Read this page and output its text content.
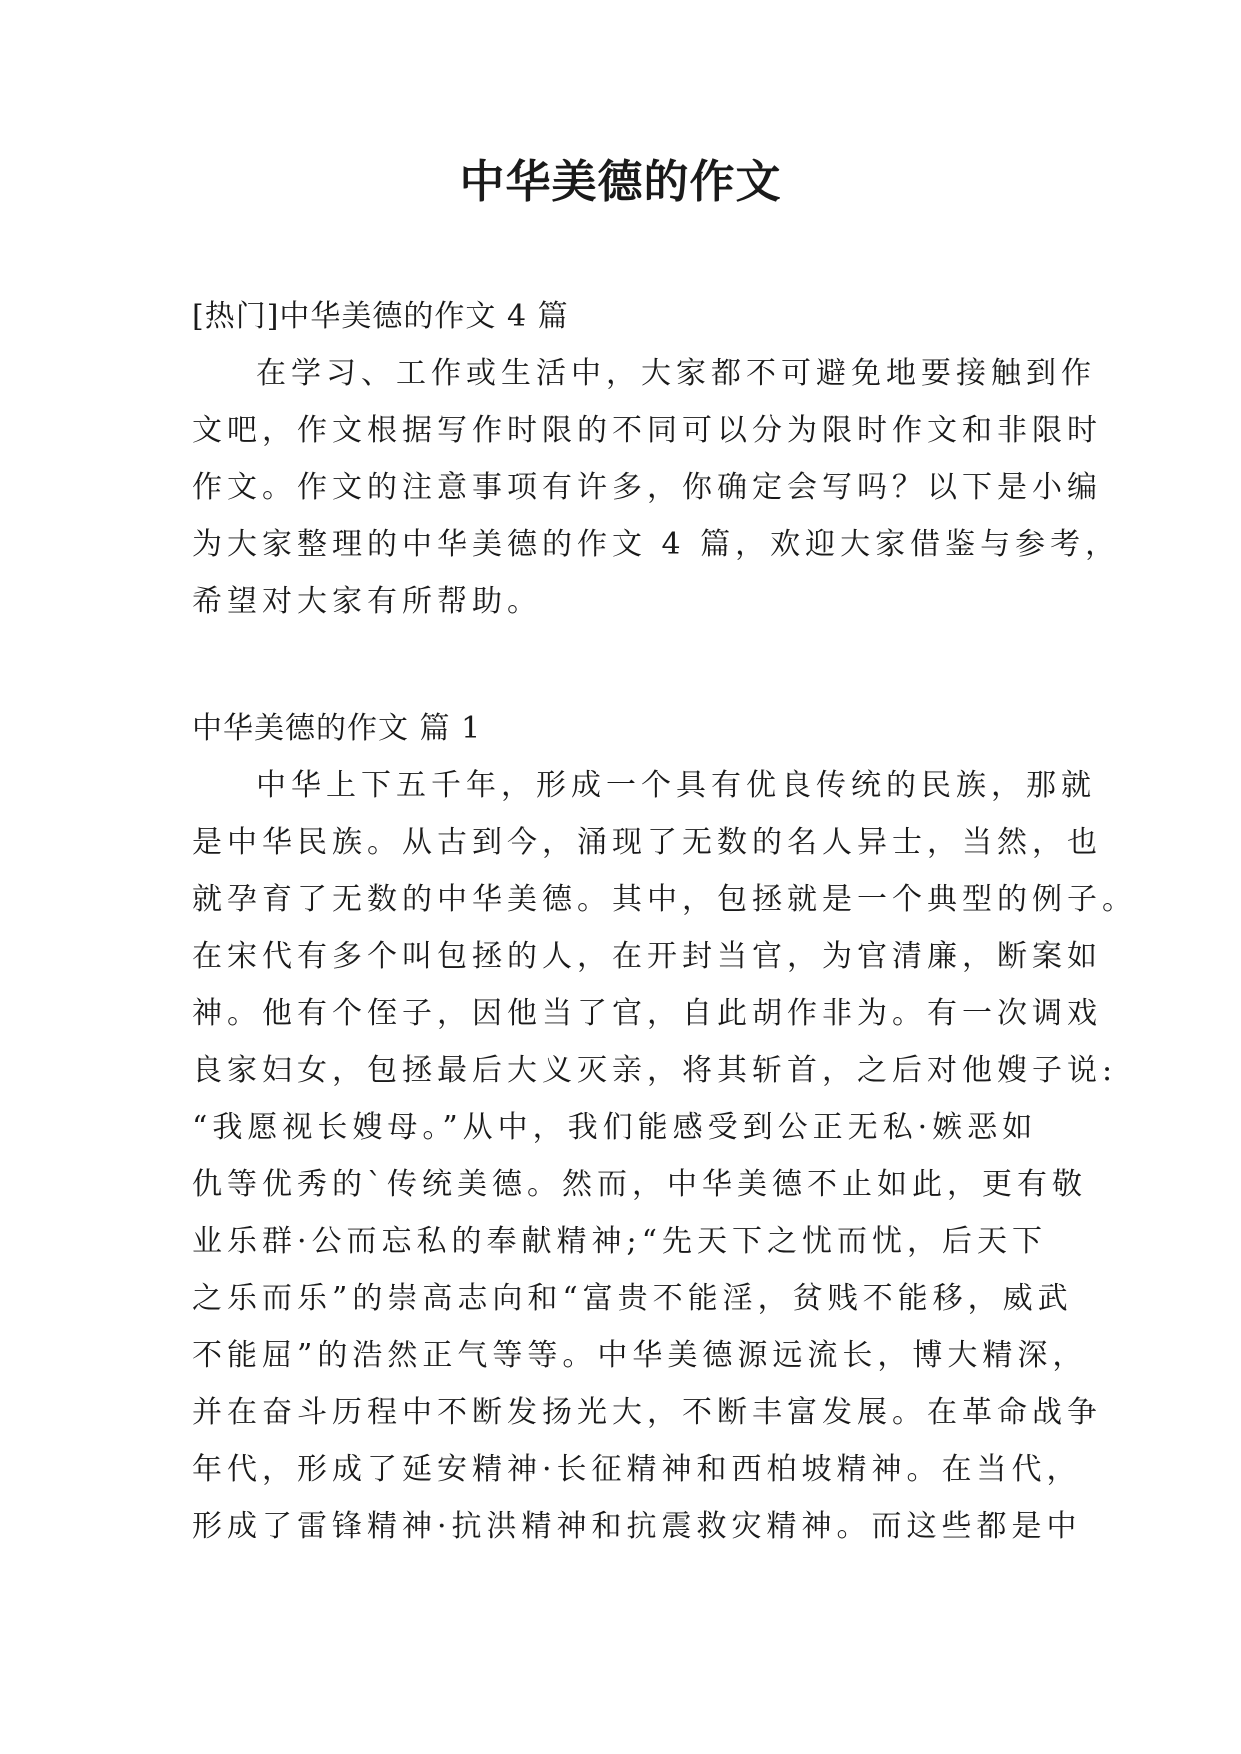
中华美德的作文

[热门]中华美德的作文 4 篇

在学习、工作或生活中，大家都不可避免地要接触到作
文吧，作文根据写作时限的不同可以分为限时作文和非限时
作文。作文的注意事项有许多，你确定会写吗？以下是小编
为大家整理的中华美德的作文 4 篇，欢迎大家借鉴与参考，
希望对大家有所帮助。

中华美德的作文 篇 1

中华上下五千年，形成一个具有优良传统的民族，那就
是中华民族。从古到今，涌现了无数的名人异士，当然，也
就孕育了无数的中华美德。其中，包拯就是一个典型的例子。
在宋代有多个叫包拯的人，在开封当官，为官清廉，断案如
神。他有个侄子，因他当了官，自此胡作非为。有一次调戏
良家妇女，包拯最后大义灭亲，将其斩首，之后对他嫂子说:
“我愿视长嫂母。”从中，我们能感受到公正无私·嫉恶如
仇等优秀的`传统美德。然而，中华美德不止如此，更有敬
业乐群·公而忘私的奉献精神;“先天下之忧而忧，后天下
之乐而乐”的崇高志向和“富贵不能淫，贫贱不能移，威武
不能屈”的浩然正气等等。中华美德源远流长，博大精深，
并在奋斗历程中不断发扬光大，不断丰富发展。在革命战争
年代，形成了延安精神·长征精神和西柏坡精神。在当代，
形成了雷锋精神·抗洪精神和抗震救灾精神。而这些都是中
